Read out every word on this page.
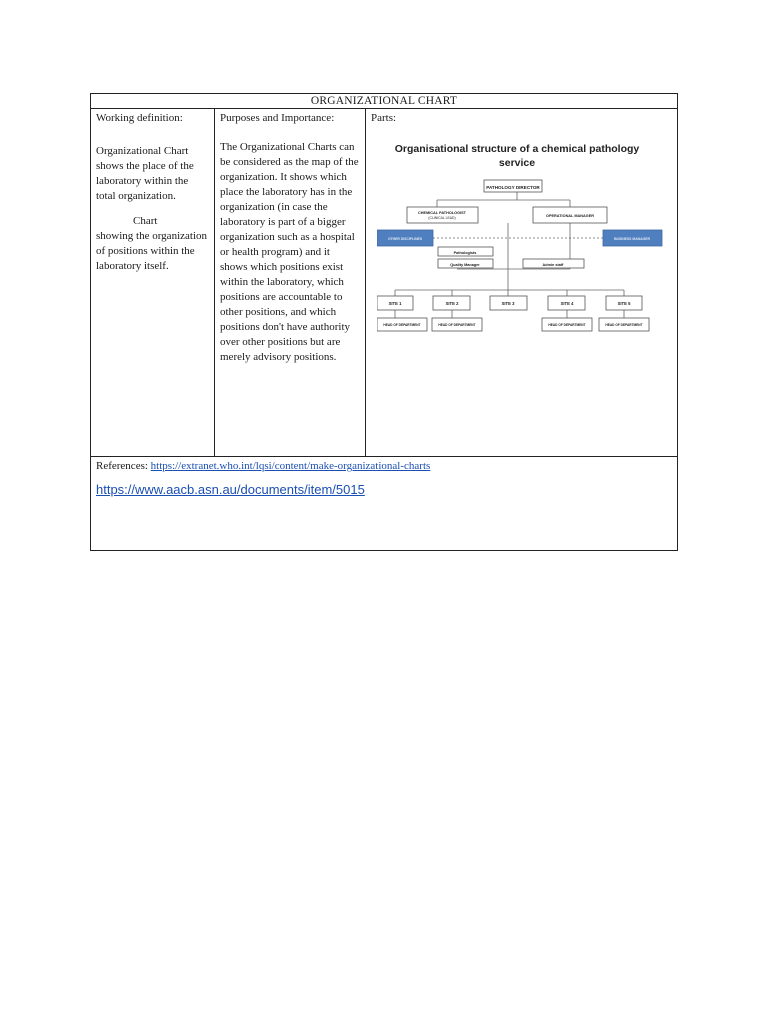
ORGANIZATIONAL CHART

Working definition:
Organizational Chart shows the place of the laboratory within the total organization.
Chart
showing the organization of positions within the laboratory itself.

Purposes and Importance:
The Organizational Charts can be considered as the map of the organization. It shows which place the laboratory has in the organization (in case the laboratory is part of a bigger organization such as a hospital or health program) and it shows which positions exist within the laboratory, which positions are accountable to other positions, and which positions don't have authority over other positions but are merely advisory positions.

Parts:
Organisational structure of a chemical pathology
service
PATHOLOGY DIRECTOR
CHEMICAL PATHOLOGIST
(CLINICAL LEAD)	OPERATIONAL MANAGER
OTHER DISCIPLINES	BUSINESS MANAGER
Pathologists
Quality Manager	Admin staff
SITE 1	SITE 2	SITE 3	SITE 4	SITE 5
HEAD OF DEPARTMENT	HEAD OF DEPARTMENT	HEAD OF DEPARTMENT	HEAD OF DEPARTMENT

References: https://extranet.who.int/lqsi/content/make-organizational-charts
https://www.aacb.asn.au/documents/item/5015
